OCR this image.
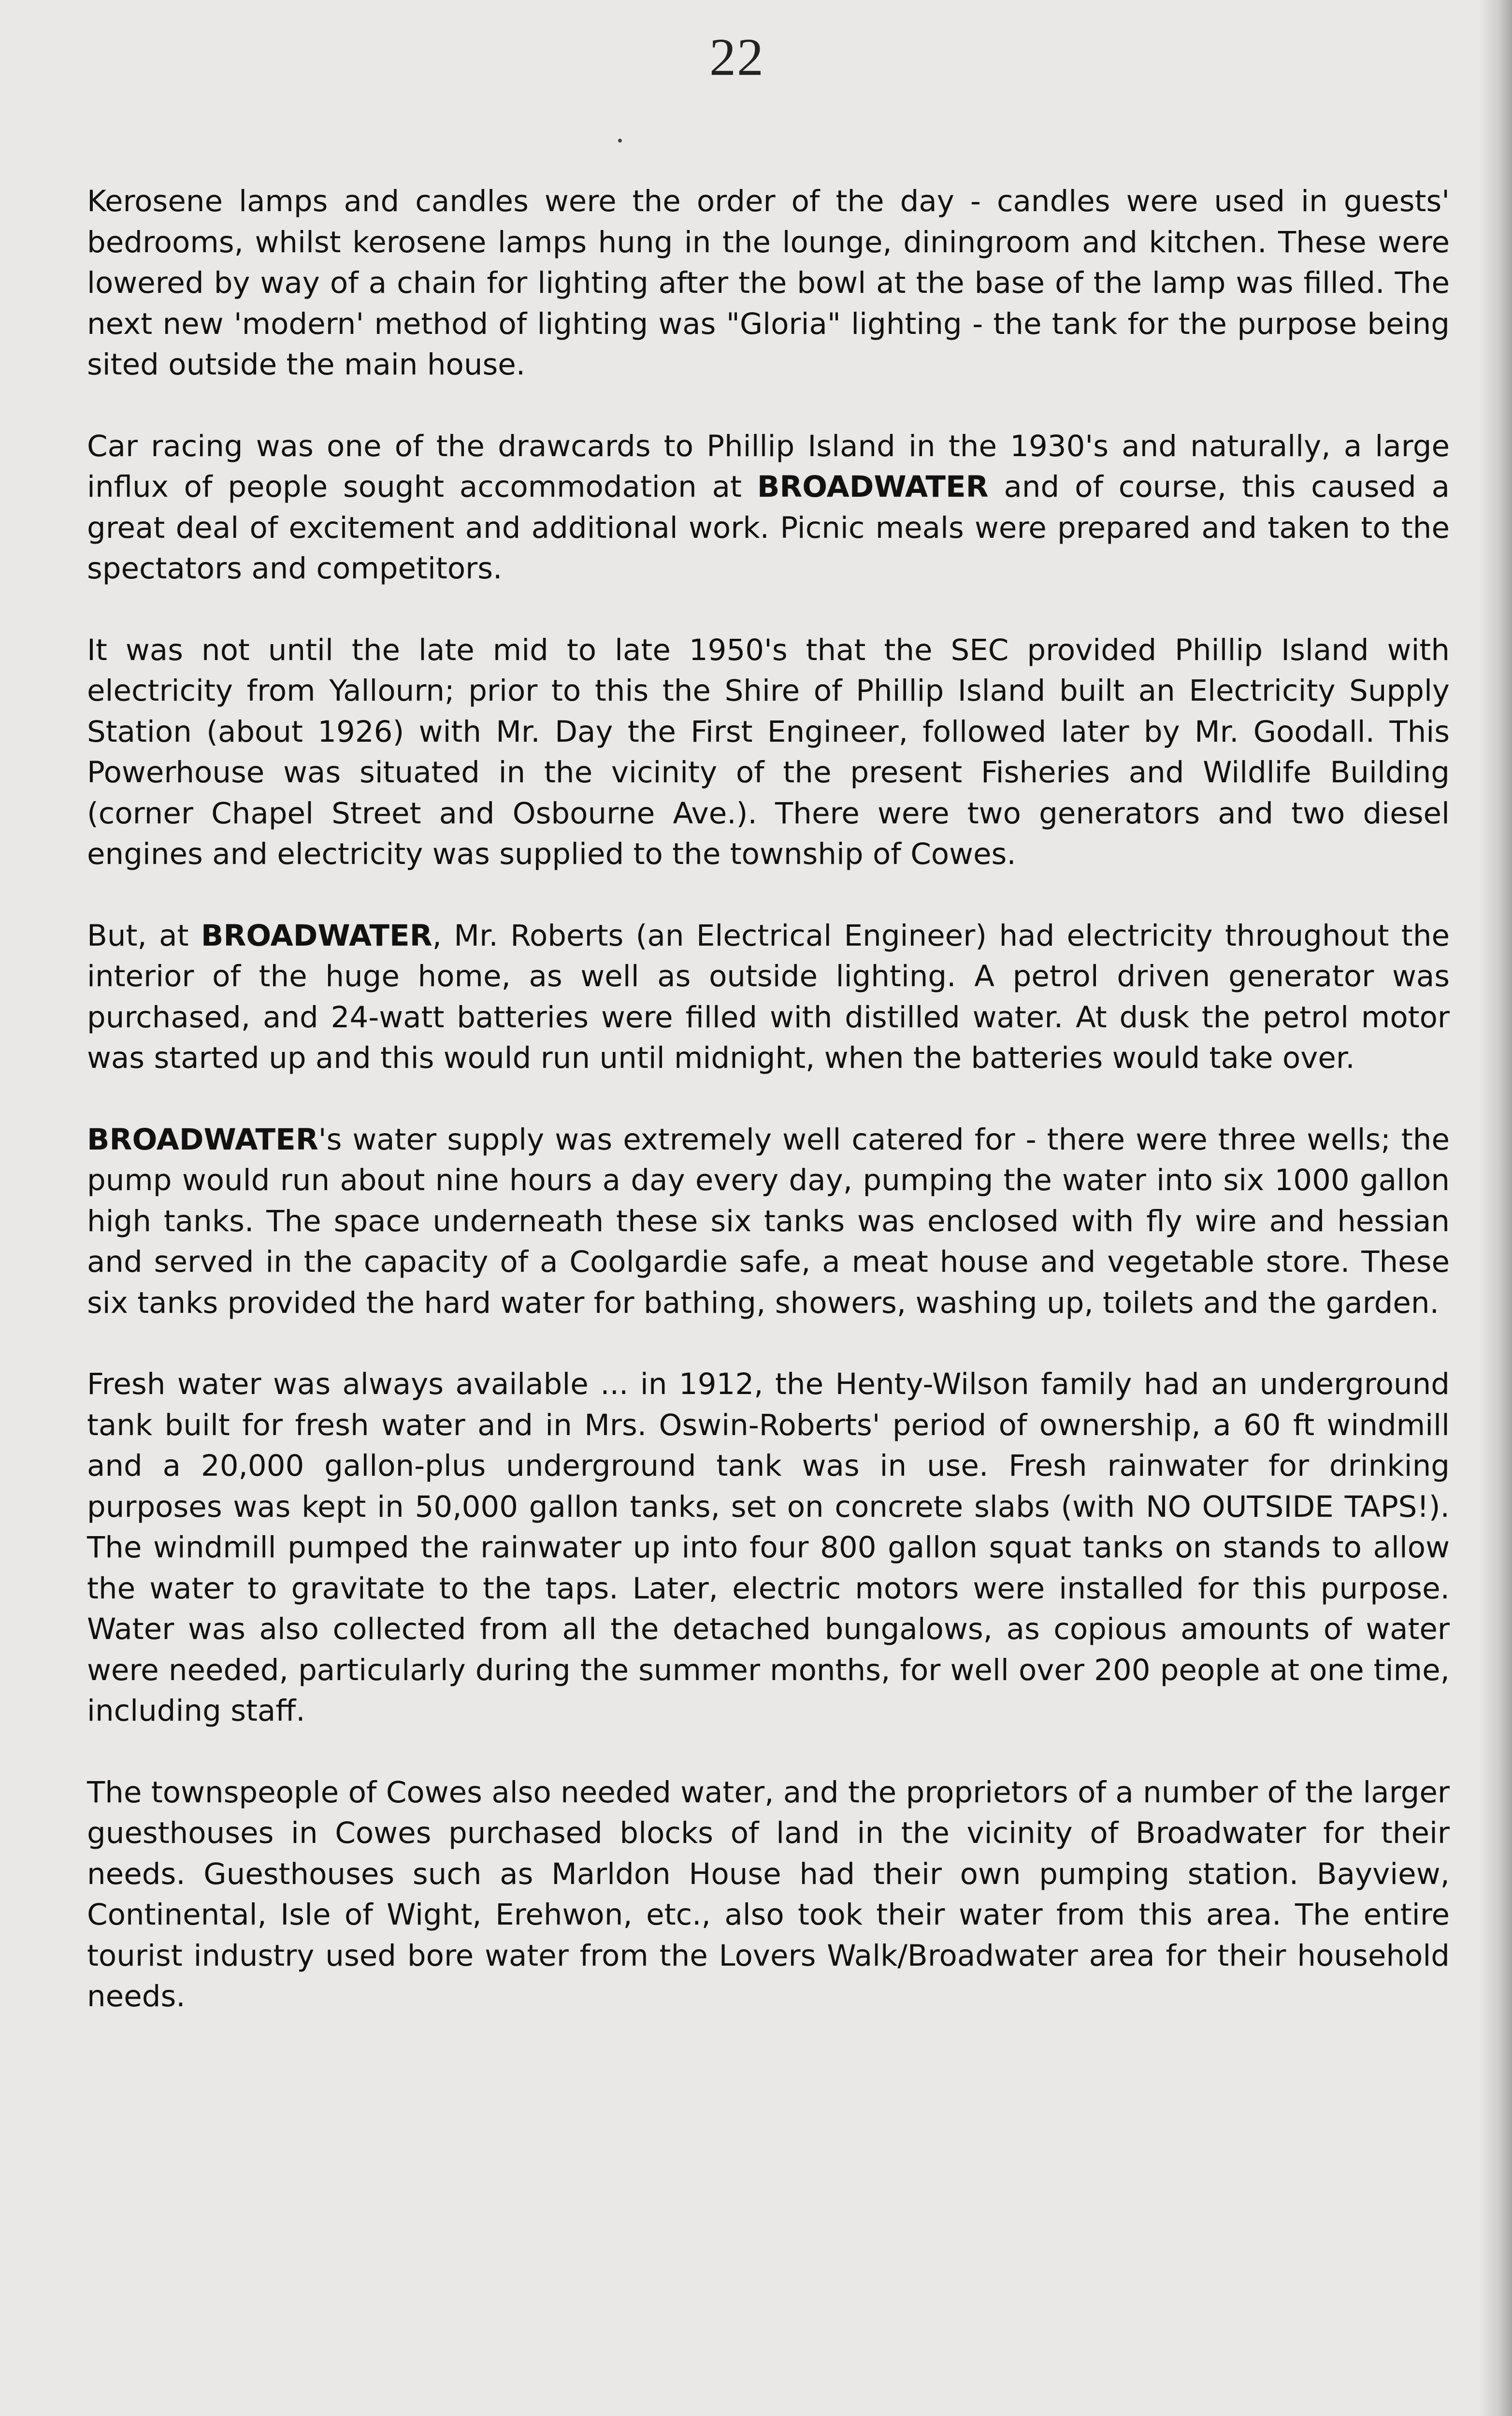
22

Kerosene lamps and candles were the order of the day - candles were used in guests' bedrooms, whilst kerosene lamps hung in the lounge, diningroom and kitchen. These were lowered by way of a chain for lighting after the bowl at the base of the lamp was filled. The next new 'modern' method of lighting was "Gloria" lighting - the tank for the purpose being sited outside the main house.

Car racing was one of the drawcards to Phillip Island in the 1930's and naturally, a large influx of people sought accommodation at BROADWATER and of course, this caused a great deal of excitement and additional work. Picnic meals were prepared and taken to the spectators and competitors.

It was not until the late mid to late 1950's that the SEC provided Phillip Island with electricity from Yallourn; prior to this the Shire of Phillip Island built an Electricity Supply Station (about 1926) with Mr. Day the First Engineer, followed later by Mr. Goodall. This Powerhouse was situated in the vicinity of the present Fisheries and Wildlife Building (corner Chapel Street and Osbourne Ave.). There were two generators and two diesel engines and electricity was supplied to the township of Cowes.

But, at BROADWATER, Mr. Roberts (an Electrical Engineer) had electricity throughout the interior of the huge home, as well as outside lighting. A petrol driven generator was purchased, and 24-watt batteries were filled with distilled water. At dusk the petrol motor was started up and this would run until midnight, when the batteries would take over.

BROADWATER's water supply was extremely well catered for - there were three wells; the pump would run about nine hours a day every day, pumping the water into six 1000 gallon high tanks. The space underneath these six tanks was enclosed with fly wire and hessian and served in the capacity of a Coolgardie safe, a meat house and vegetable store. These six tanks provided the hard water for bathing, showers, washing up, toilets and the garden.

Fresh water was always available ... in 1912, the Henty-Wilson family had an underground tank built for fresh water and in Mrs. Oswin-Roberts' period of ownership, a 60 ft windmill and a 20,000 gallon-plus underground tank was in use. Fresh rainwater for drinking purposes was kept in 50,000 gallon tanks, set on concrete slabs (with NO OUTSIDE TAPS!). The windmill pumped the rainwater up into four 800 gallon squat tanks on stands to allow the water to gravitate to the taps. Later, electric motors were installed for this purpose. Water was also collected from all the detached bungalows, as copious amounts of water were needed, particularly during the summer months, for well over 200 people at one time, including staff.

The townspeople of Cowes also needed water, and the proprietors of a number of the larger guesthouses in Cowes purchased blocks of land in the vicinity of Broadwater for their needs. Guesthouses such as Marldon House had their own pumping station. Bayview, Continental, Isle of Wight, Erehwon, etc., also took their water from this area. The entire tourist industry used bore water from the Lovers Walk/Broadwater area for their household needs.
